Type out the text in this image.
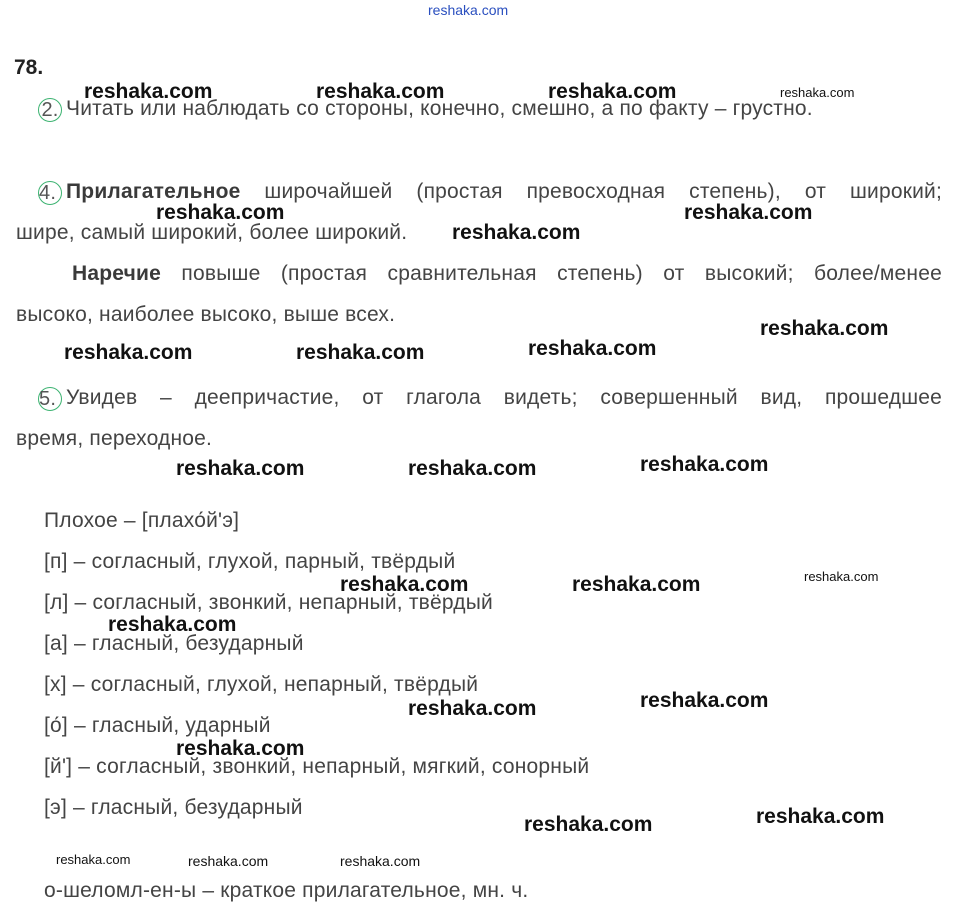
reshaka.com
78.
2. Читать или наблюдать со стороны, конечно, смешно, а по факту – грустно.
4. Прилагательное широчайшей (простая превосходная степень), от широкий;
шире, самый широкий, более широкий.
Наречие повыше (простая сравнительная степень) от высокий; более/менее
высоко, наиболее высоко, выше всех.
5. Увидев – деепричастие, от глагола видеть; совершенный вид, прошедшее
время, переходное.
Плохое – [плахо́й'э]
[п] – согласный, глухой, парный, твёрдый
[л] – согласный, звонкий, непарный, твёрдый
[а] – гласный, безударный
[х] – согласный, глухой, непарный, твёрдый
[о́] – гласный, ударный
[й'] – согласный, звонкий, непарный, мягкий, сонорный
[э] – гласный, безударный
о-шеломл-ен-ы – краткое прилагательное, мн. ч.
reshaka.com	reshaka.com	reshaka.com	reshaka.com
reshaka.com	reshaka.com
reshaka.com
reshaka.com
reshaka.com	reshaka.com	reshaka.com
reshaka.com	reshaka.com	reshaka.com
reshaka.com	reshaka.com	reshaka.com
reshaka.com
reshaka.com	reshaka.com
reshaka.com
reshaka.com	reshaka.com
reshaka.com	reshaka.com	reshaka.com
